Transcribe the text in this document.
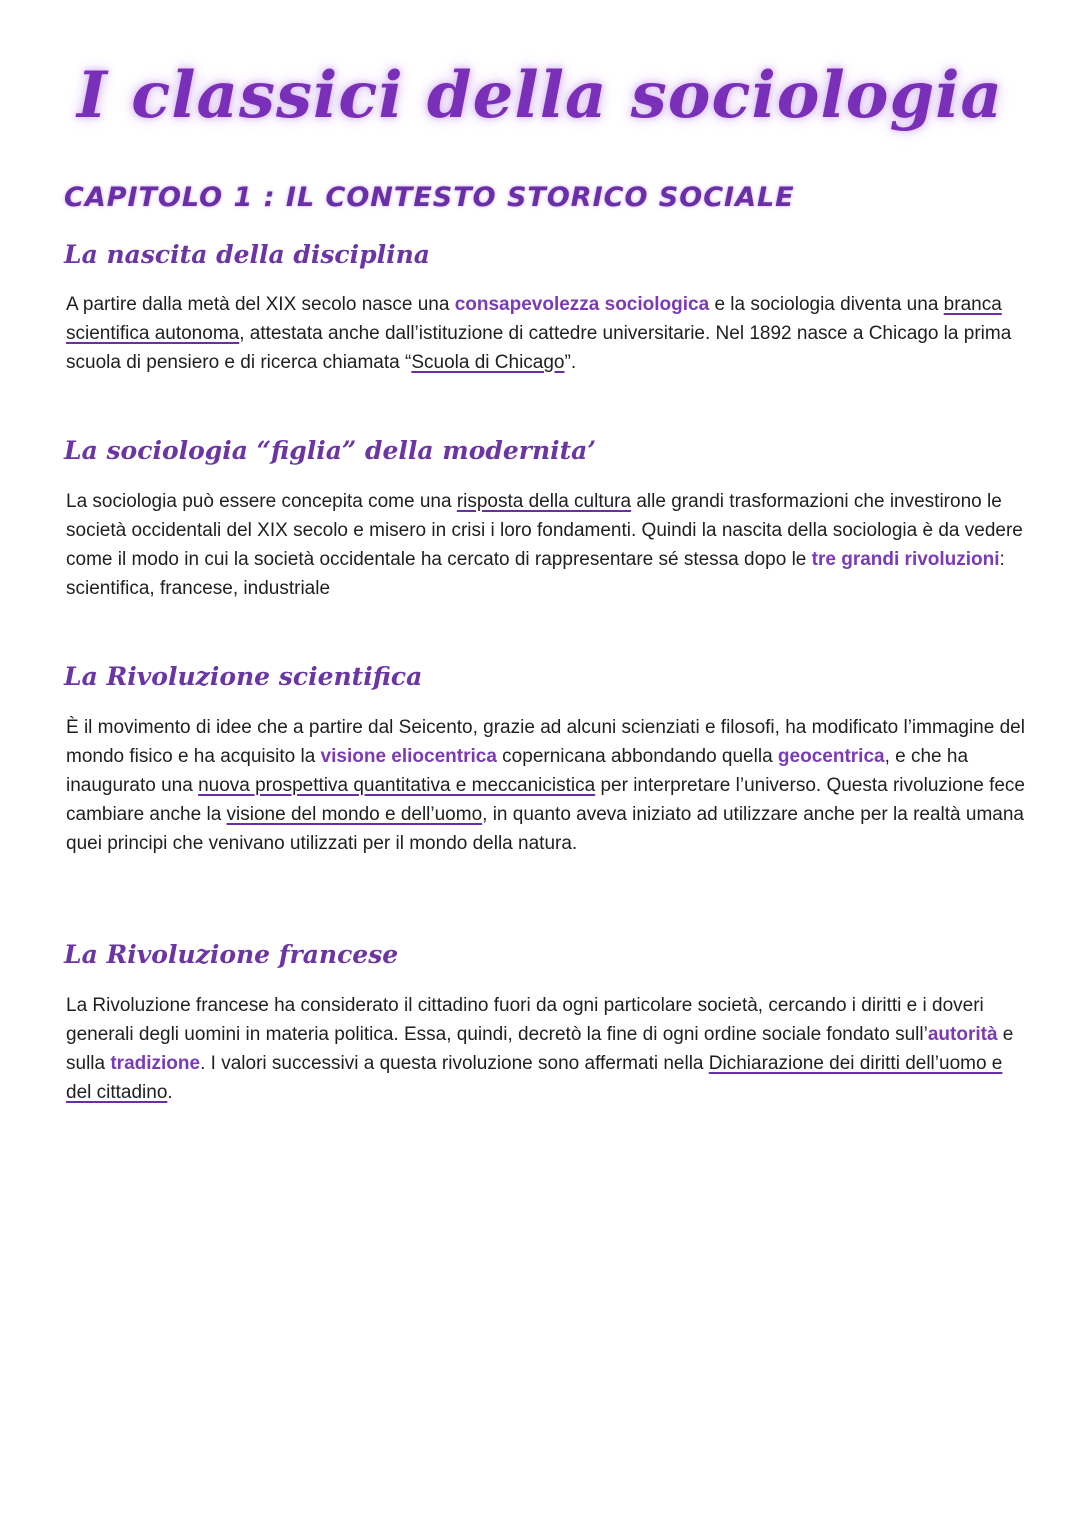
I classici della sociologia
CAPITOLO 1 : IL CONTESTO STORICO SOCIALE
La nascita della disciplina
A partire dalla metà del XIX secolo nasce una consapevolezza sociologica e la sociologia diventa una branca scientifica autonoma, attestata anche dall’istituzione di cattedre universitarie. Nel 1892 nasce a Chicago la prima scuola di pensiero e di ricerca chiamata “Scuola di Chicago”.
La sociologia “figlia” della modernita’
La sociologia può essere concepita come una risposta della cultura alle grandi trasformazioni che investirono le società occidentali del XIX secolo e misero in crisi i loro fondamenti. Quindi la nascita della sociologia è da vedere come il modo in cui la società occidentale ha cercato di rappresentare sé stessa dopo le tre grandi rivoluzioni: scientifica, francese, industriale
La Rivoluzione scientifica
È il movimento di idee che a partire dal Seicento, grazie ad alcuni scienziati e filosofi, ha modificato l’immagine del mondo fisico e ha acquisito la visione eliocentrica copernicana abbondando quella geocentrica, e che ha inaugurato una nuova prospettiva quantitativa e meccanicistica per interpretare l’universo. Questa rivoluzione fece cambiare anche la visione del mondo e dell’uomo, in quanto aveva iniziato ad utilizzare anche per la realtà umana quei principi che venivano utilizzati per il mondo della natura.
La Rivoluzione francese
La Rivoluzione francese ha considerato il cittadino fuori da ogni particolare società, cercando i diritti e i doveri generali degli uomini in materia politica. Essa, quindi, decretò la fine di ogni ordine sociale fondato sull’autorità e sulla tradizione. I valori successivi a questa rivoluzione sono affermati nella Dichiarazione dei diritti dell’uomo e del cittadino.
